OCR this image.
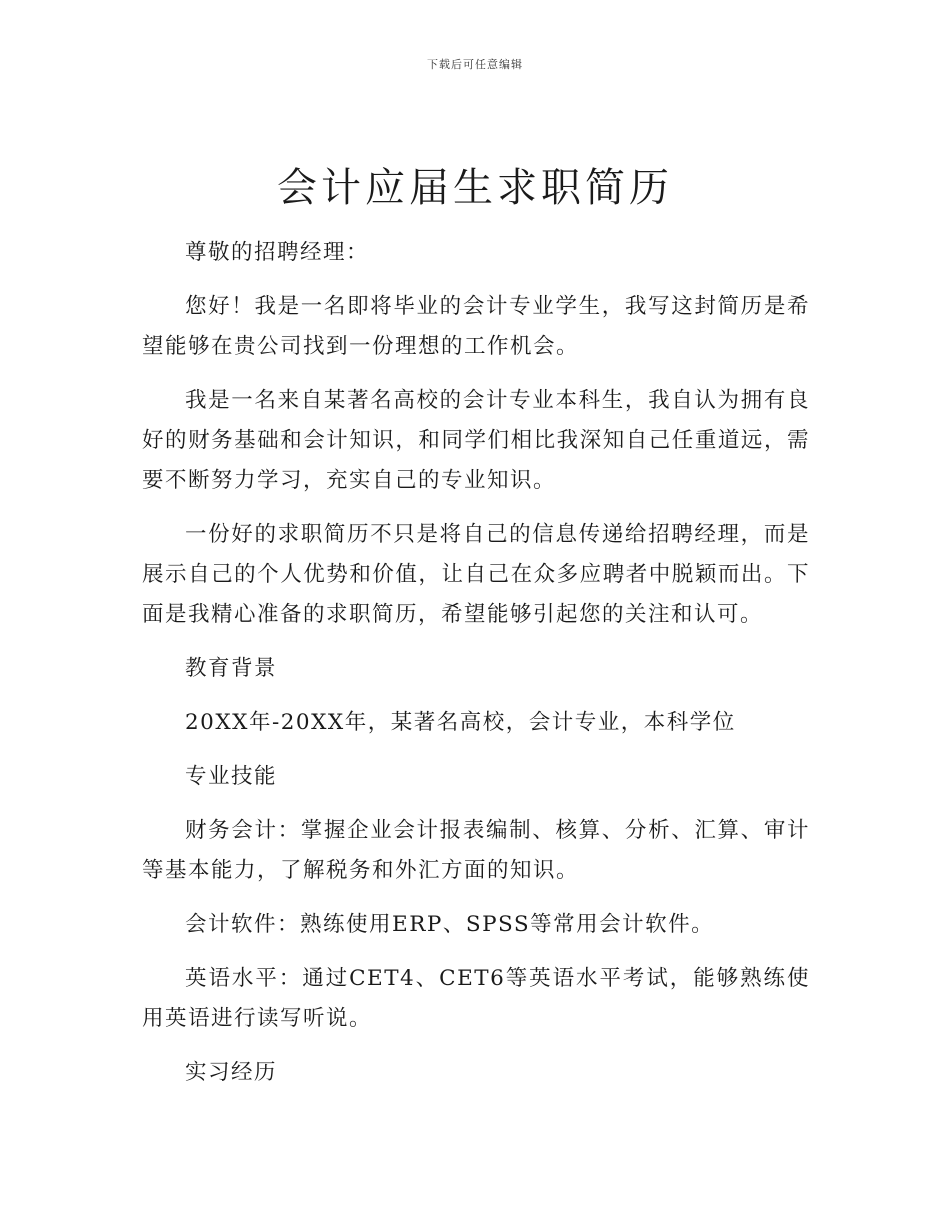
下载后可任意编辑
会计应届生求职简历

尊敬的招聘经理：

您好！我是一名即将毕业的会计专业学生，我写这封简历是希望能够在贵公司找到一份理想的工作机会。

我是一名来自某著名高校的会计专业本科生，我自认为拥有良好的财务基础和会计知识，和同学们相比我深知自己任重道远，需要不断努力学习，充实自己的专业知识。

一份好的求职简历不只是将自己的信息传递给招聘经理，而是展示自己的个人优势和价值，让自己在众多应聘者中脱颖而出。下面是我精心准备的求职简历，希望能够引起您的关注和认可。

教育背景

20XX年-20XX年，某著名高校，会计专业，本科学位

专业技能

财务会计：掌握企业会计报表编制、核算、分析、汇算、审计等基本能力，了解税务和外汇方面的知识。

会计软件：熟练使用ERP、SPSS等常用会计软件。

英语水平：通过CET4、CET6等英语水平考试，能够熟练使用英语进行读写听说。

实习经历
